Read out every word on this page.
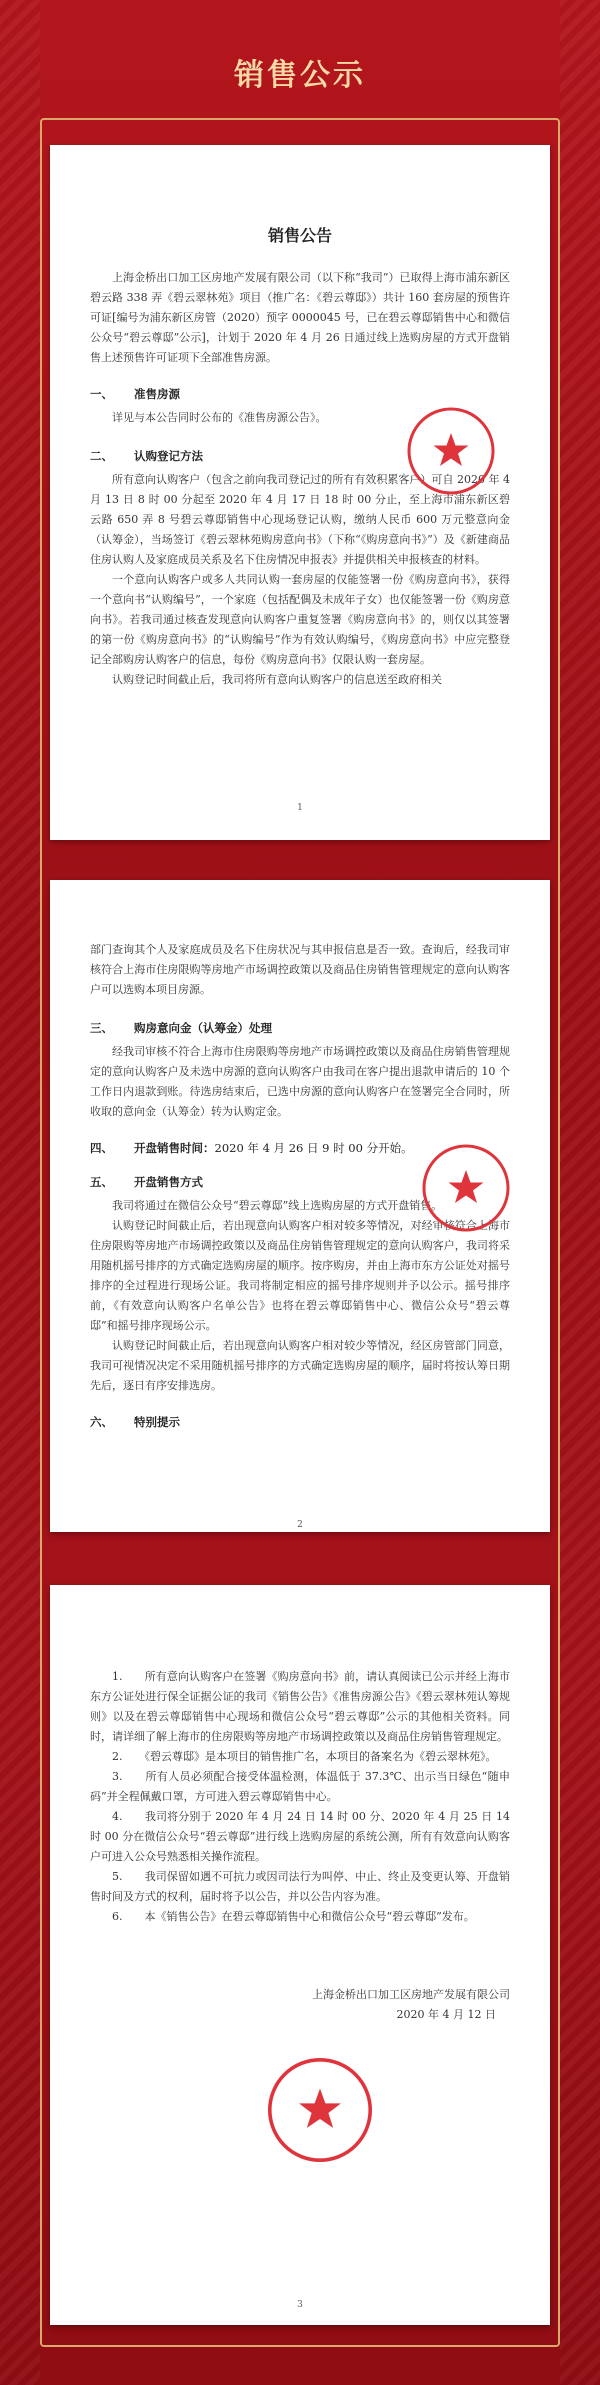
销售公示
销售公告

上海金桥出口加工区房地产发展有限公司（以下称“我司”）已取得上海市浦东新区碧云路 338 弄《碧云翠林苑》项目（推广名：《碧云尊邸》）共计 160 套房屋的预售许可证[编号为浦东新区房管（2020）预字 0000045 号，已在碧云尊邸销售中心和微信公众号“碧云尊邸”公示]，计划于 2020 年 4 月 26 日通过线上选购房屋的方式开盘销售上述预售许可证项下全部准售房源。

一、 准售房源

详见与本公告同时公布的《准售房源公告》。

二、 认购登记方法

所有意向认购客户（包含之前向我司登记过的所有有效积累客户）可自 2020 年 4 月 13 日 8 时 00 分起至 2020 年 4 月 17 日 18 时 00 分止，至上海市浦东新区碧云路 650 弄 8 号碧云尊邸销售中心现场登记认购，缴纳人民币 600 万元整意向金（认筹金），当场签订《碧云翠林苑购房意向书》（下称“《购房意向书》”）及《新建商品住房认购人及家庭成员关系及名下住房情况申报表》并提供相关申报核查的材料。

一个意向认购客户或多人共同认购一套房屋的仅能签署一份《购房意向书》，获得一个意向书“认购编号”，一个家庭（包括配偶及未成年子女）也仅能签署一份《购房意向书》。若我司通过核查发现意向认购客户重复签署《购房意向书》的，则仅以其签署的第一份《购房意向书》的“认购编号”作为有效认购编号，《购房意向书》中应完整登记全部购房认购客户的信息，每份《购房意向书》仅限认购一套房屋。

认购登记时间截止后，我司将所有意向认购客户的信息送至政府相关

1

部门查询其个人及家庭成员及名下住房状况与其申报信息是否一致。查询后，经我司审核符合上海市住房限购等房地产市场调控政策以及商品住房销售管理规定的意向认购客户可以选购本项目房源。

三、 购房意向金（认筹金）处理

经我司审核不符合上海市住房限购等房地产市场调控政策以及商品住房销售管理规定的意向认购客户及未选中房源的意向认购客户由我司在客户提出退款申请后的 10 个工作日内退款到账。待选房结束后，已选中房源的意向认购客户在签署完全合同时，所收取的意向金（认筹金）转为认购定金。

四、 开盘销售时间：2020 年 4 月 26 日 9 时 00 分开始。
五、 开盘销售方式

我司将通过在微信公众号“碧云尊邸”线上选购房屋的方式开盘销售。

认购登记时间截止后，若出现意向认购客户相对较多等情况，对经审核符合上海市住房限购等房地产市场调控政策以及商品住房销售管理规定的意向认购客户，我司将采用随机摇号排序的方式确定选购房屋的顺序。按序购房，并由上海市东方公证处对摇号排序的全过程进行现场公证。我司将制定相应的摇号排序规则并予以公示。摇号排序前，《有效意向认购客户名单公告》也将在碧云尊邸销售中心、微信公众号“碧云尊邸”和摇号排序现场公示。

认购登记时间截止后，若出现意向认购客户相对较少等情况，经区房管部门同意，我司可视情况决定不采用随机摇号排序的方式确定选购房屋的顺序，届时将按认筹日期先后，逐日有序安排选房。

六、 特别提示
2

1.　　所有意向认购客户在签署《购房意向书》前，请认真阅读已公示并经上海市东方公证处进行保全证据公证的我司《销售公告》《准售房源公告》《碧云翠林苑认筹规则》以及在碧云尊邸销售中心现场和微信公众号“碧云尊邸”公示的其他相关资料。同时，请详细了解上海市的住房限购等房地产市场调控政策以及商品住房销售管理规定。

2.　　《碧云尊邸》是本项目的销售推广名，本项目的备案名为《碧云翠林苑》。

3.　　所有人员必须配合接受体温检测，体温低于 37.3℃、出示当日绿色“随申码”并全程佩戴口罩，方可进入碧云尊邸销售中心。

4.　　我司将分别于 2020 年 4 月 24 日 14 时 00 分、2020 年 4 月 25 日 14 时 00 分在微信公众号“碧云尊邸”进行线上选购房屋的系统公测，所有有效意向认购客户可进入公众号熟悉相关操作流程。

5.　　我司保留如遇不可抗力或因司法行为叫停、中止、终止及变更认筹、开盘销售时间及方式的权利，届时将予以公告，并以公告内容为准。

6.　　本《销售公告》在碧云尊邸销售中心和微信公众号“碧云尊邸”发布。

上海金桥出口加工区房地产发展有限公司
2020 年 4 月 12 日
3
